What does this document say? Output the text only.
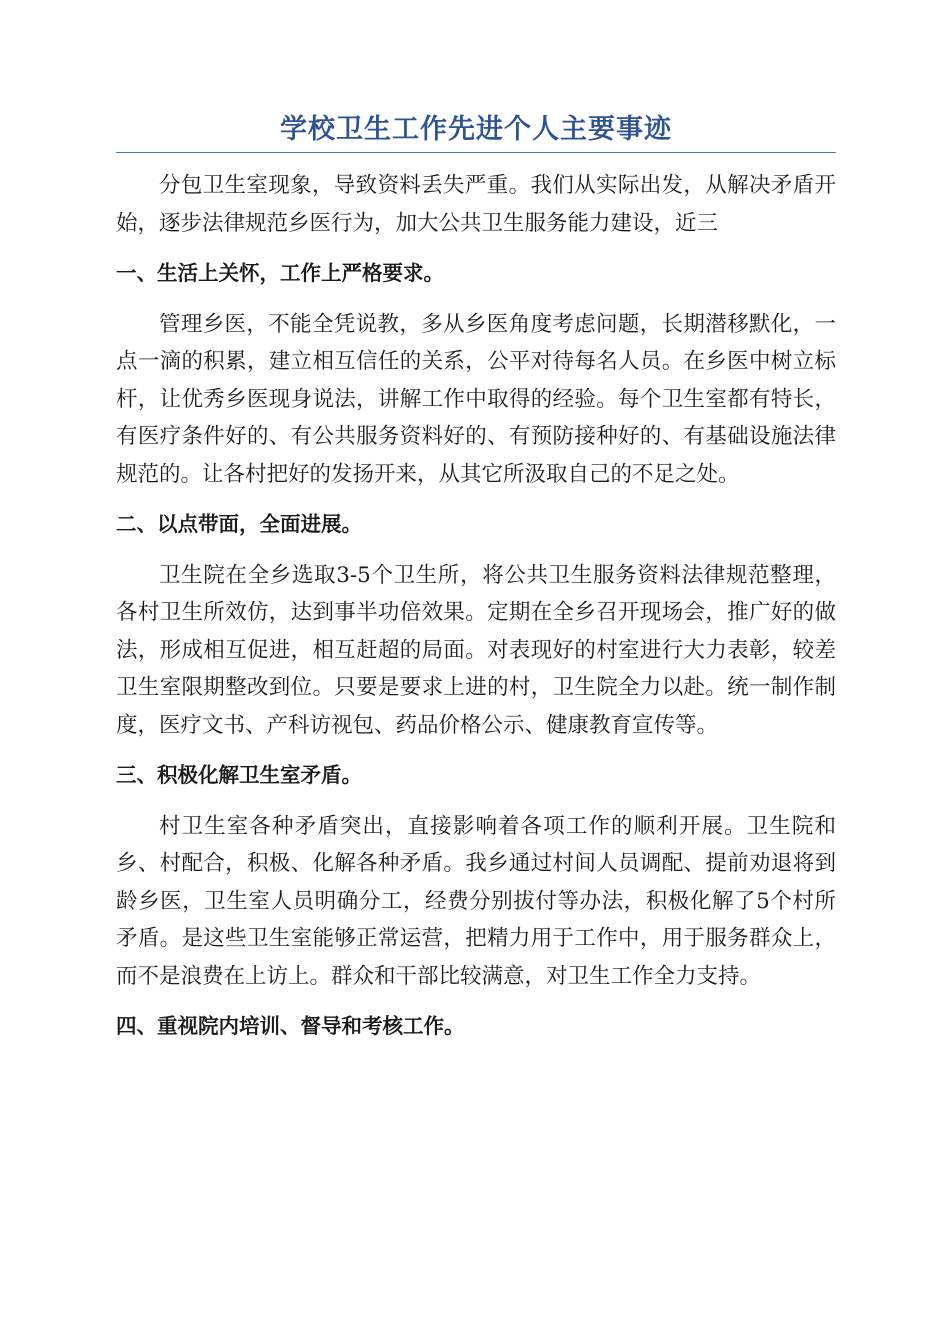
学校卫生工作先进个人主要事迹

分包卫生室现象，导致资料丢失严重。我们从实际出发，从解决矛盾开始，逐步法律规范乡医行为，加大公共卫生服务能力建设，近三

一、生活上关怀，工作上严格要求。

管理乡医，不能全凭说教，多从乡医角度考虑问题，长期潜移默化，一点一滴的积累，建立相互信任的关系，公平对待每名人员。在乡医中树立标杆，让优秀乡医现身说法，讲解工作中取得的经验。每个卫生室都有特长，有医疗条件好的、有公共服务资料好的、有预防接种好的、有基础设施法律规范的。让各村把好的发扬开来，从其它所汲取自己的不足之处。

二、以点带面，全面进展。

卫生院在全乡选取3-5个卫生所，将公共卫生服务资料法律规范整理，各村卫生所效仿，达到事半功倍效果。定期在全乡召开现场会，推广好的做法，形成相互促进，相互赶超的局面。对表现好的村室进行大力表彰，较差卫生室限期整改到位。只要是要求上进的村，卫生院全力以赴。统一制作制度，医疗文书、产科访视包、药品价格公示、健康教育宣传等。

三、积极化解卫生室矛盾。

村卫生室各种矛盾突出，直接影响着各项工作的顺利开展。卫生院和乡、村配合，积极、化解各种矛盾。我乡通过村间人员调配、提前劝退将到龄乡医，卫生室人员明确分工，经费分别拔付等办法，积极化解了5个村所矛盾。是这些卫生室能够正常运营，把精力用于工作中，用于服务群众上，而不是浪费在上访上。群众和干部比较满意，对卫生工作全力支持。

四、重视院内培训、督导和考核工作。
